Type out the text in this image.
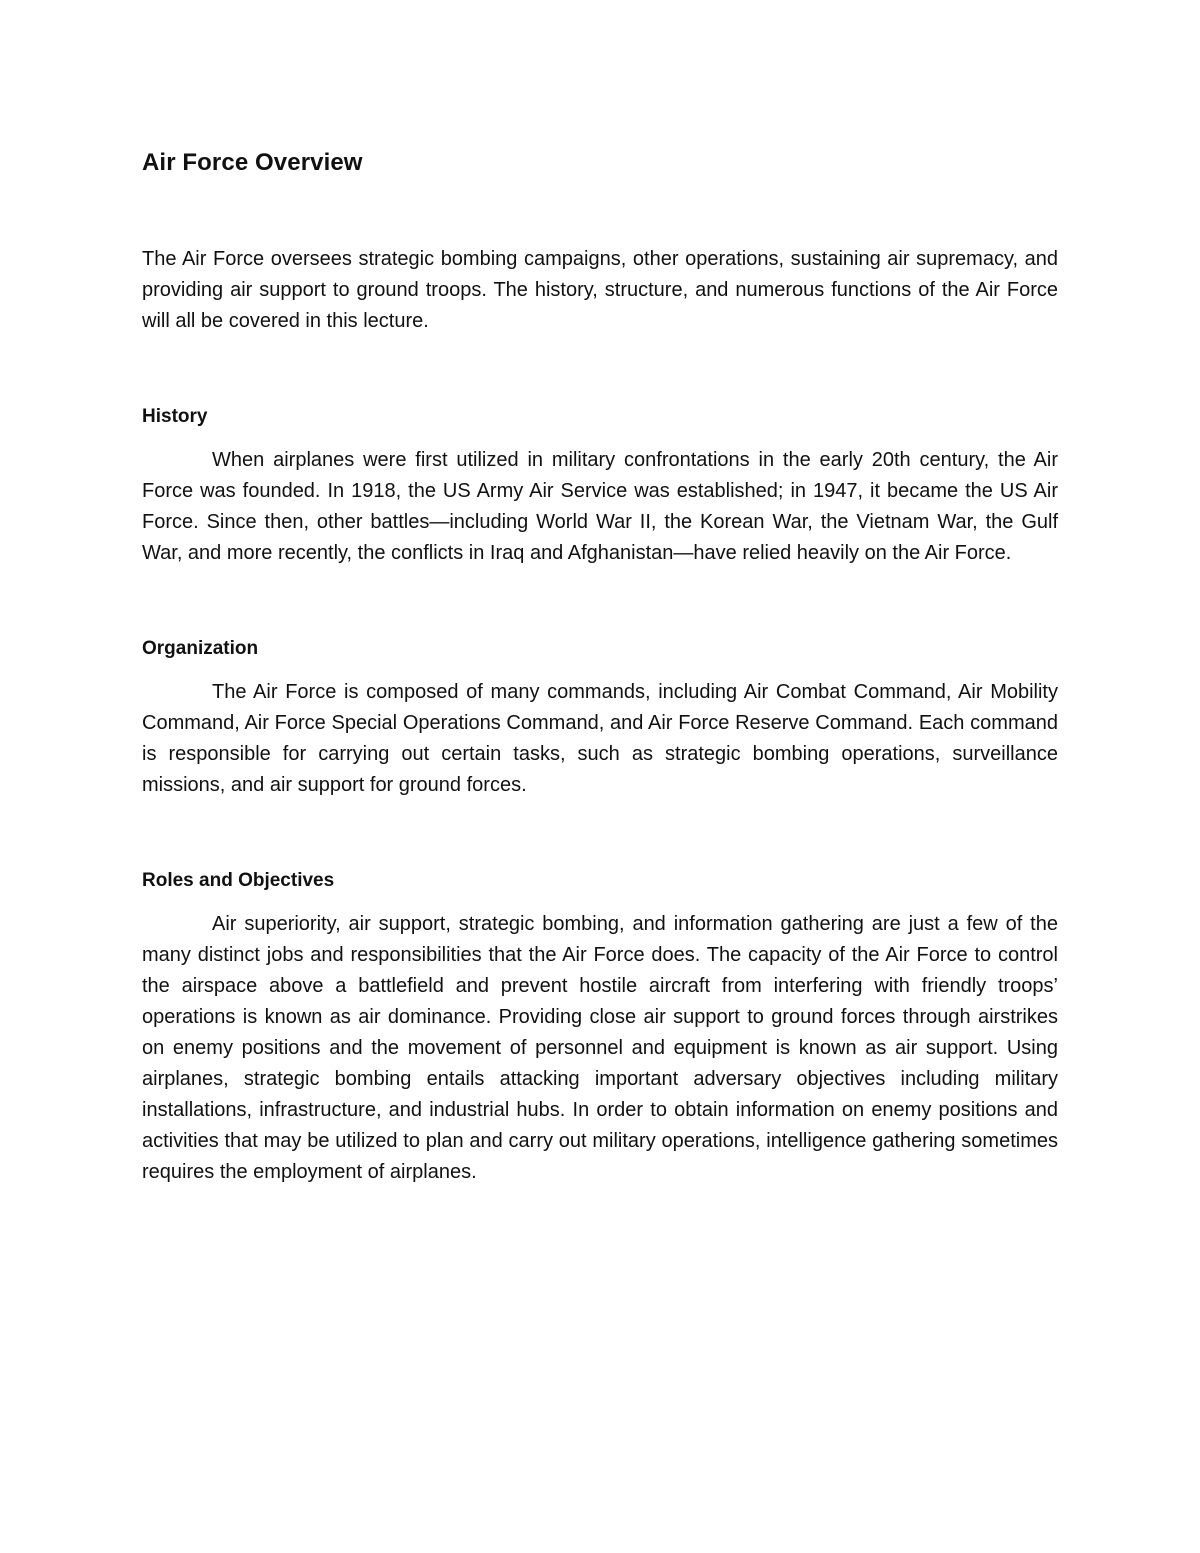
Air Force Overview

The Air Force oversees strategic bombing campaigns, other operations, sustaining air supremacy, and providing air support to ground troops. The history, structure, and numerous functions of the Air Force will all be covered in this lecture.

History

When airplanes were first utilized in military confrontations in the early 20th century, the Air Force was founded. In 1918, the US Army Air Service was established; in 1947, it became the US Air Force. Since then, other battles—including World War II, the Korean War, the Vietnam War, the Gulf War, and more recently, the conflicts in Iraq and Afghanistan—have relied heavily on the Air Force.

Organization

The Air Force is composed of many commands, including Air Combat Command, Air Mobility Command, Air Force Special Operations Command, and Air Force Reserve Command. Each command is responsible for carrying out certain tasks, such as strategic bombing operations, surveillance missions, and air support for ground forces.

Roles and Objectives

Air superiority, air support, strategic bombing, and information gathering are just a few of the many distinct jobs and responsibilities that the Air Force does. The capacity of the Air Force to control the airspace above a battlefield and prevent hostile aircraft from interfering with friendly troops’ operations is known as air dominance. Providing close air support to ground forces through airstrikes on enemy positions and the movement of personnel and equipment is known as air support. Using airplanes, strategic bombing entails attacking important adversary objectives including military installations, infrastructure, and industrial hubs. In order to obtain information on enemy positions and activities that may be utilized to plan and carry out military operations, intelligence gathering sometimes requires the employment of airplanes.
